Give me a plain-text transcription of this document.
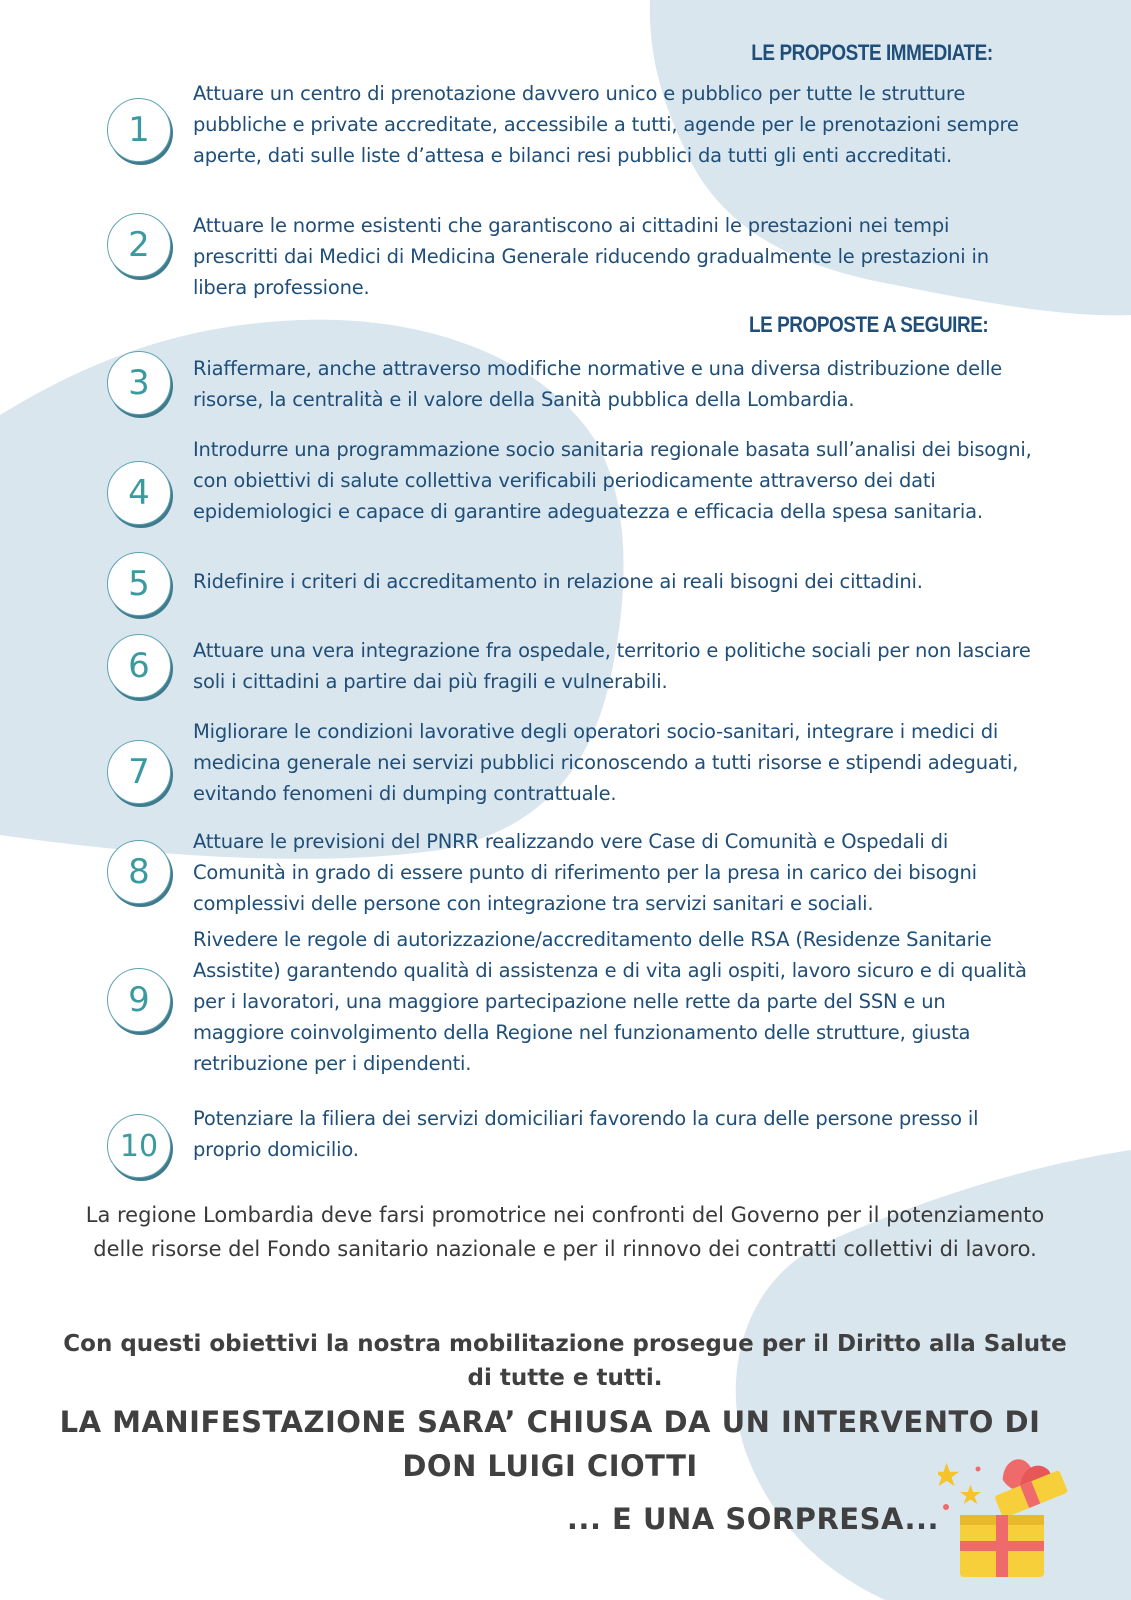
LE PROPOSTE IMMEDIATE:
1
Attuare un centro di prenotazione davvero unico e pubblico per tutte le strutture pubbliche e private accreditate, accessibile a tutti, agende per le prenotazioni sempre aperte, dati sulle liste d’attesa e bilanci resi pubblici da tutti gli enti accreditati.
2	Attuare le norme esistenti che garantiscono ai cittadini le prestazioni nei tempi prescritti dai Medici di Medicina Generale riducendo gradualmente le prestazioni in libera professione.
LE PROPOSTE A SEGUIRE:
3	Riaffermare, anche attraverso modifiche normative e una diversa distribuzione delle risorse, la centralità e il valore della Sanità pubblica della Lombardia.
4
Introdurre una programmazione socio sanitaria regionale basata sull’analisi dei bisogni, con obiettivi di salute collettiva verificabili periodicamente attraverso dei dati epidemiologici e capace di garantire adeguatezza e efficacia della spesa sanitaria.
5	Ridefinire i criteri di accreditamento in relazione ai reali bisogni dei cittadini.
6	Attuare una vera integrazione fra ospedale, territorio e politiche sociali per non lasciare soli i cittadini a partire dai più fragili e vulnerabili.
7
Migliorare le condizioni lavorative degli operatori socio-sanitari, integrare i medici di medicina generale nei servizi pubblici riconoscendo a tutti risorse e stipendi adeguati, evitando fenomeni di dumping contrattuale.
8
Attuare le previsioni del PNRR realizzando vere Case di Comunità e Ospedali di Comunità in grado di essere punto di riferimento per la presa in carico dei bisogni complessivi delle persone con integrazione tra servizi sanitari e sociali.
9
Rivedere le regole di autorizzazione/accreditamento delle RSA (Residenze Sanitarie Assistite) garantendo qualità di assistenza e di vita agli ospiti, lavoro sicuro e di qualità per i lavoratori, una maggiore partecipazione nelle rette da parte del SSN e un maggiore coinvolgimento della Regione nel funzionamento delle strutture, giusta retribuzione per i dipendenti.
10
Potenziare la filiera dei servizi domiciliari favorendo la cura delle persone presso il proprio domicilio.
La regione Lombardia deve farsi promotrice nei confronti del Governo per il potenziamento delle risorse del Fondo sanitario nazionale e per il rinnovo dei contratti collettivi di lavoro.
Con questi obiettivi la nostra mobilitazione prosegue per il Diritto alla Salute di tutte e tutti.
LA MANIFESTAZIONE SARA’ CHIUSA DA UN INTERVENTO DI
DON LUIGI CIOTTI
... E UNA SORPRESA...
